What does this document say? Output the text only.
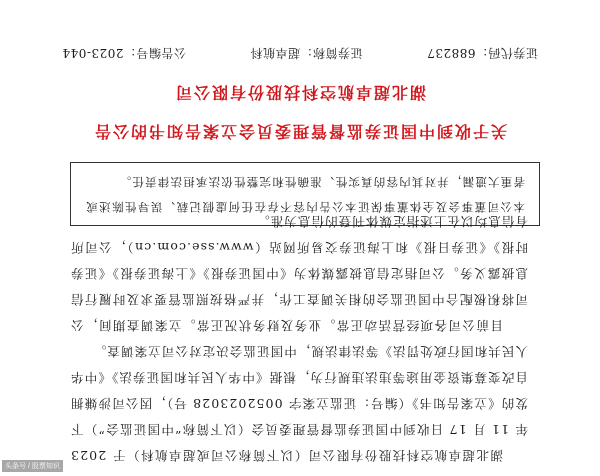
证券代码：688237
证券简称：超卓航科
公告编号：2023-044
湖北超卓航空科技股份有限公司
关于收到中国证券监督管理委员会立案告知书的公告
本公司董事会及全体董事保证本公告内容不存在任何虚假记载、误导性陈述或者重大遗漏，并对其内容的真实性、准确性和完整性依法承担法律责任。

湖北超卓航空科技股份有限公司（以下简称公司或超卓航科）于 2023 年 11 月 17 日收到中国证券监督管理委员会（以下简称“中国证监会”）下发的《立案告知书》（编号：证监立案字 0052023028 号），因公司涉嫌拥自改变募集资金用途等违法违规行为，根据《中华人民共和国证券法》《中华人民共和国行政处罚法》等法律法规，中国证监会决定对公司立案调查。

目前公司各项经营活动正常。业务及财务状况正常。立案调查期间，公司将积极配合中国证监会的相关调查工作，并严格按照监管要求及时履行信息披露义务。公司指定信息披露媒体为《中国证券报》《上海证券报》《证券时报》《证券日报》和上海证券交易所网站（www.sse.com.cn），公司所有信息均以在上述指定媒体刊登的信息为准。

头条号 / 股票知识
